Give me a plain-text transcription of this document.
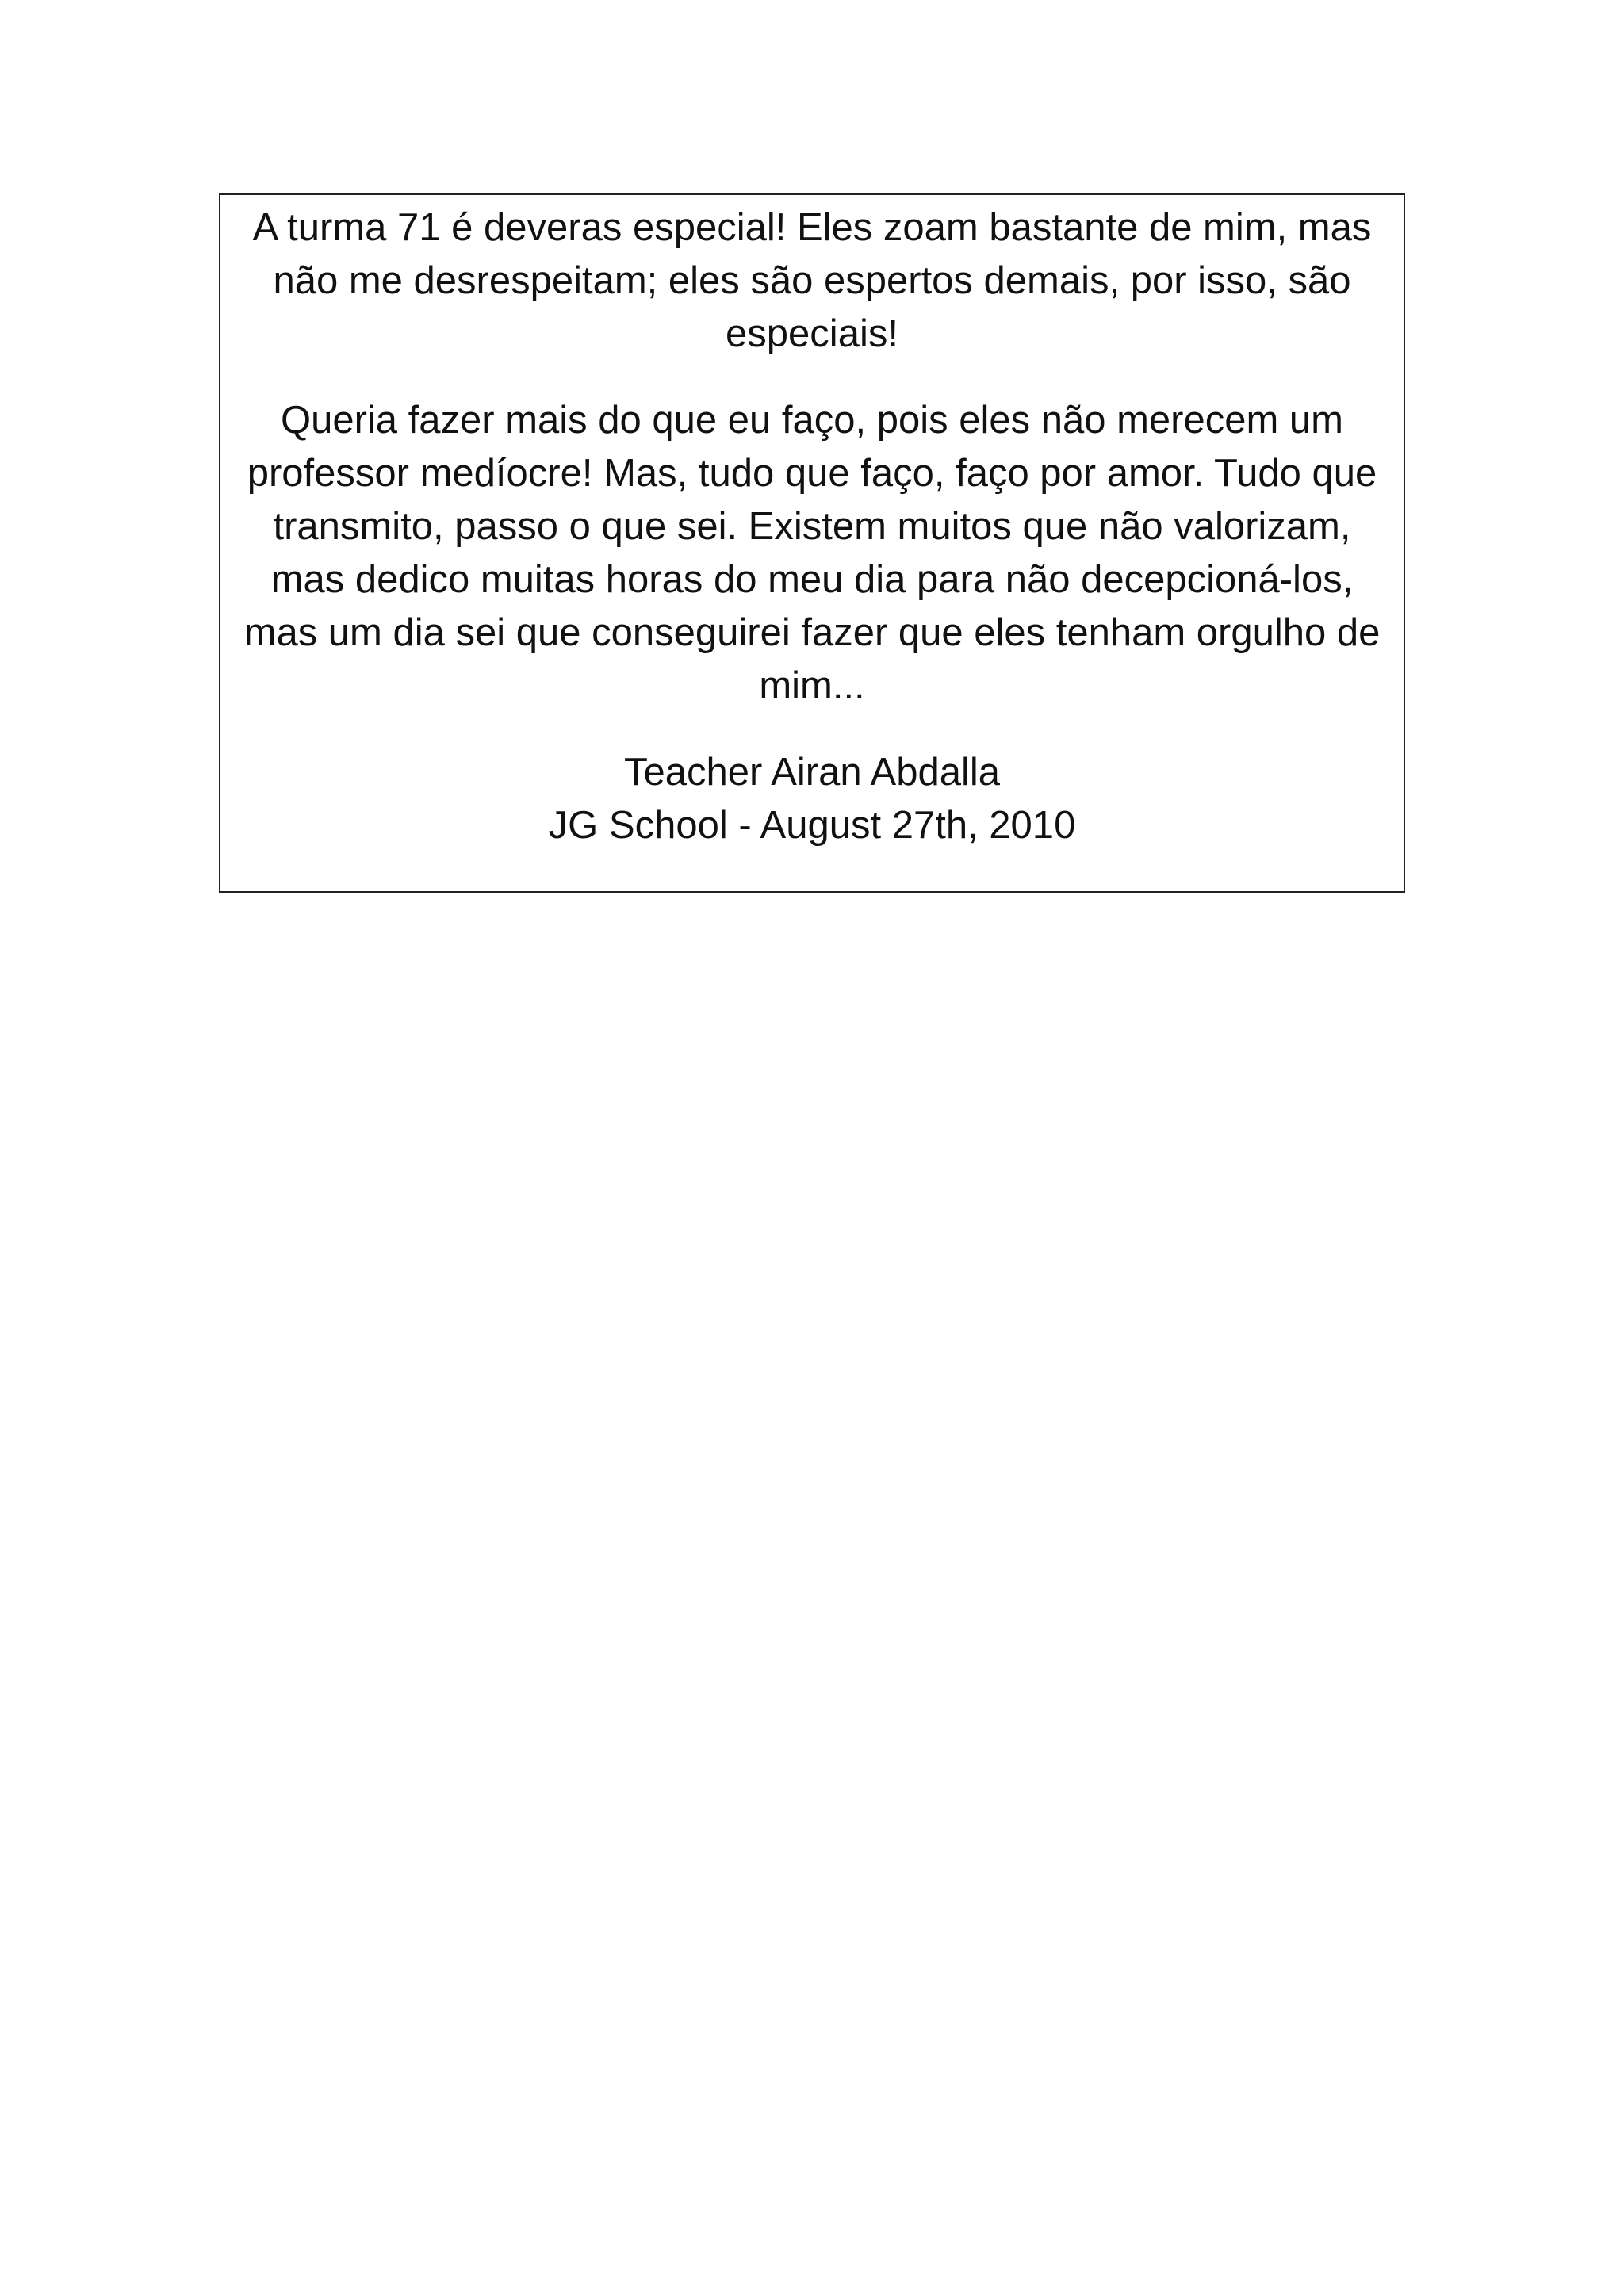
A turma 71 é deveras especial! Eles zoam bastante de mim, mas não me desrespeitam; eles são espertos demais, por isso, são especiais!

Queria fazer mais do que eu faço, pois eles não merecem um professor medíocre! Mas, tudo que faço, faço por amor. Tudo que transmito, passo o que sei. Existem muitos que não valorizam, mas dedico muitas horas do meu dia para não decepcioná-los, mas um dia sei que conseguirei fazer que eles tenham orgulho de mim...

Teacher Airan Abdalla

JG School - August 27th, 2010
